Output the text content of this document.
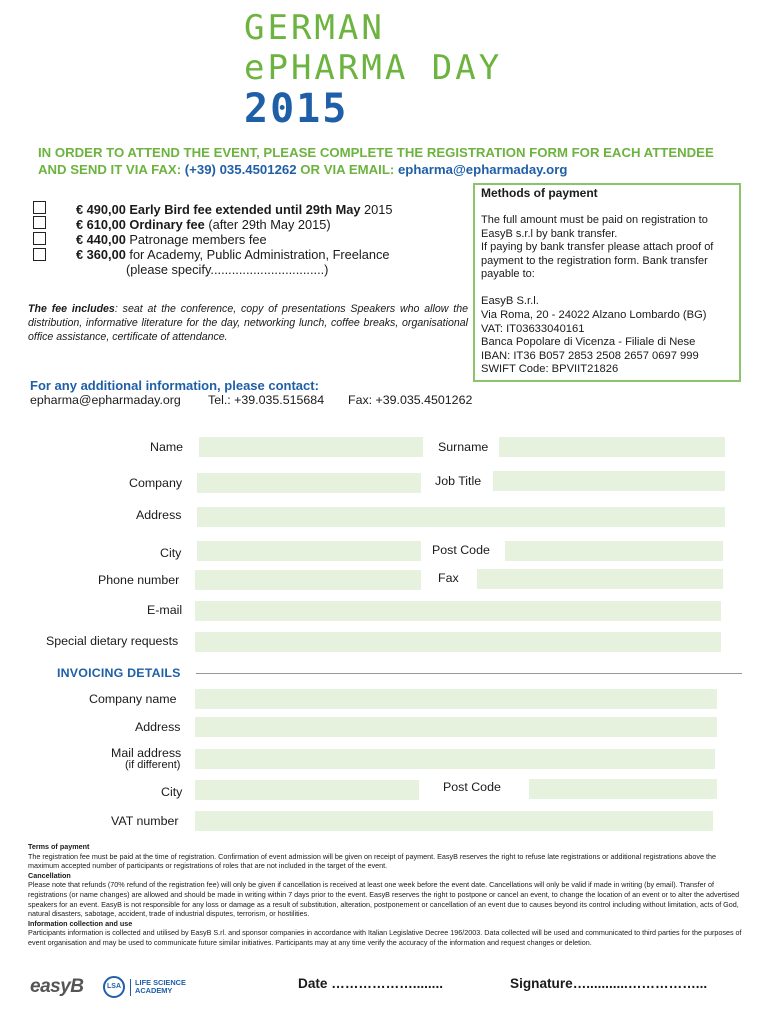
GERMAN
ePHARMA DAY
2015
IN ORDER TO ATTEND THE EVENT, PLEASE COMPLETE THE REGISTRATION FORM FOR EACH ATTENDEE AND SEND IT VIA FAX: (+39) 035.4501262 OR VIA EMAIL: epharma@epharmaday.org
€ 490,00 Early Bird fee extended until 29th May 2015
€ 610,00 Ordinary fee (after 29th May 2015)
€ 440,00 Patronage members fee
€ 360,00 for Academy, Public Administration, Freelance
(please specify................................)
The fee includes: seat at the conference, copy of presentations Speakers who allow the distribution, informative literature for the day, networking lunch, coffee breaks, organisational office assistance, certificate of attendance.
Methods of payment
The full amount must be paid on registration to EasyB s.r.l by bank transfer.
If paying by bank transfer please attach proof of payment to the registration form. Bank transfer payable to:
EasyB S.r.l.
Via Roma, 20 - 24022 Alzano Lombardo (BG)
VAT: IT03633040161
Banca Popolare di Vicenza - Filiale di Nese
IBAN: IT36 B057 2853 2508 2657 0697 999
SWIFT Code: BPVIIT21826
For any additional information, please contact:
epharma@epharmaday.org Tel.: +39.035.515684 Fax: +39.035.4501262
Name	Surname
Company	Job Title
Address
City	Post Code
Phone number	Fax
E-mail
Special dietary requests
INVOICING DETAILS
Company name
Address
Mail address
(if different)
City	Post Code
VAT number
Terms of payment
The registration fee must be paid at the time of registration. Confirmation of event admission will be given on receipt of payment. EasyB reserves the right to refuse late registrations or additional registrations above the maximum accepted number of participants or registrations of roles that are not included in the target of the event.
Cancellation
Please note that refunds (70% refund of the registration fee) will only be given if cancellation is received at least one week before the event date. Cancellations will only be valid if made in writing (by email). Transfer of registrations (or name changes) are allowed and should be made in writing within 7 days prior to the event. EasyB reserves the right to postpone or cancel an event, to change the location of an event or to alter the advertised speakers for an event. EasyB is not responsible for any loss or damage as a result of substitution, alteration, postponement or cancellation of an event due to causes beyond its control including without limitation, acts of God, natural disasters, sabotage, accident, trade of industrial disputes, terrorism, or hostilities.
Information collection and use
Participants information is collected and utilised by EasyB S.rl. and sponsor companies in accordance with Italian Legislative Decree 196/2003. Data collected will be used and communicated to third parties for the purposes of event organisation and may be used to communicate future similar initiatives. Participants may at any time verify the accuracy of the information and request changes or deletion.
easyB	LSA	LIFE SCIENCE
ACADEMY	Date ………………........	Signature…...........……………...
